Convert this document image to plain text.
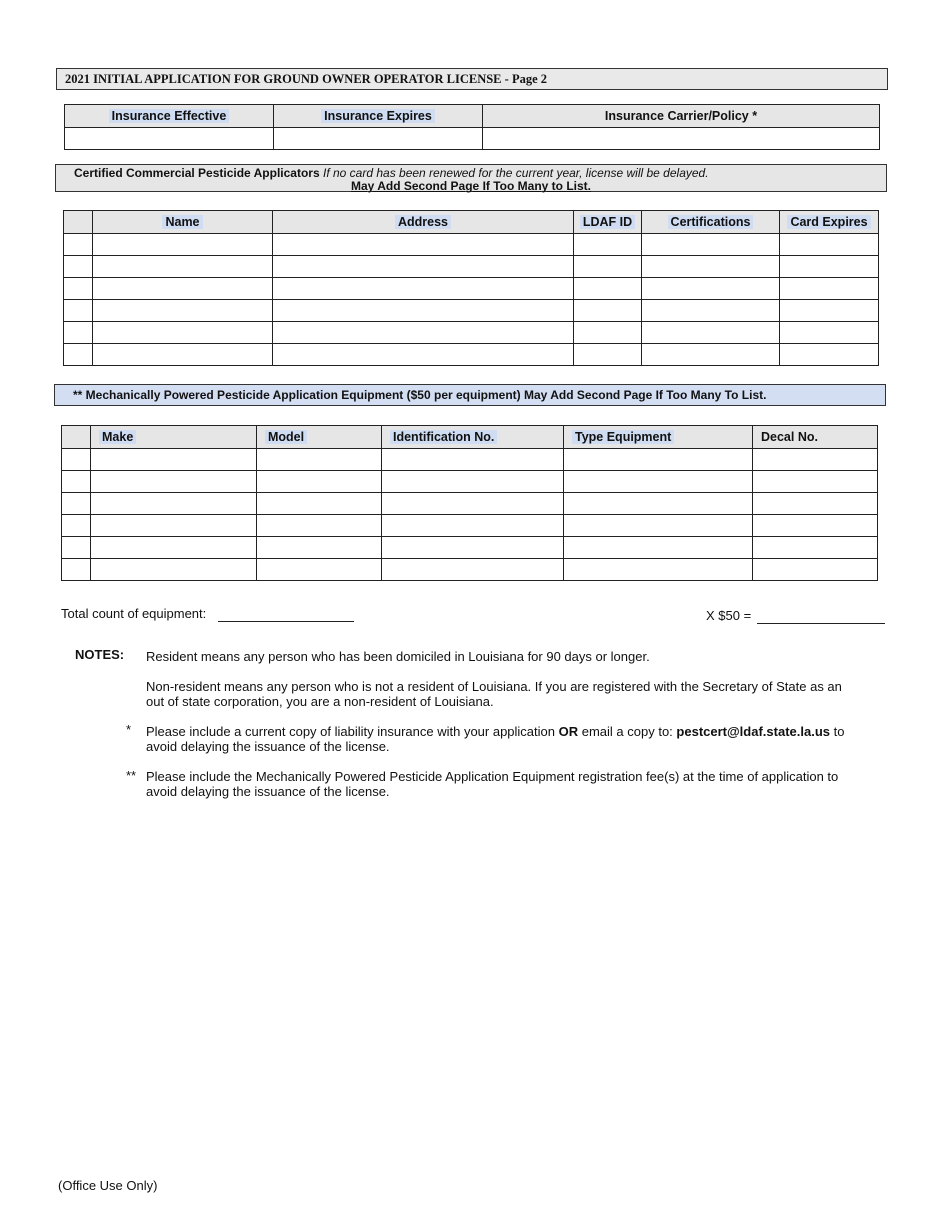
2021 INITIAL APPLICATION FOR GROUND OWNER OPERATOR LICENSE - Page 2
Insurance Effective	Insurance Expires	Insurance Carrier/Policy *

Certified Commercial Pesticide Applicators If no card has been renewed for the current year, license will be delayed.
May Add Second Page If Too Many to List.
	Name	Address	LDAF ID	Certifications	Card Expires

** Mechanically Powered Pesticide Application Equipment ($50 per equipment) May Add Second Page If Too Many To List.
	Make	Model	Identification No.	Type Equipment	Decal No.

Total count of equipment:	X $50 =
NOTES: Resident means any person who has been domiciled in Louisiana for 90 days or longer.
Non-resident means any person who is not a resident of Louisiana. If you are registered with the Secretary of State as an out of state corporation, you are a non-resident of Louisiana.
* Please include a current copy of liability insurance with your application OR email a copy to: pestcert@ldaf.state.la.us to avoid delaying the issuance of the license.
** Please include the Mechanically Powered Pesticide Application Equipment registration fee(s) at the time of application to avoid delaying the issuance of the license.
(Office Use Only)
